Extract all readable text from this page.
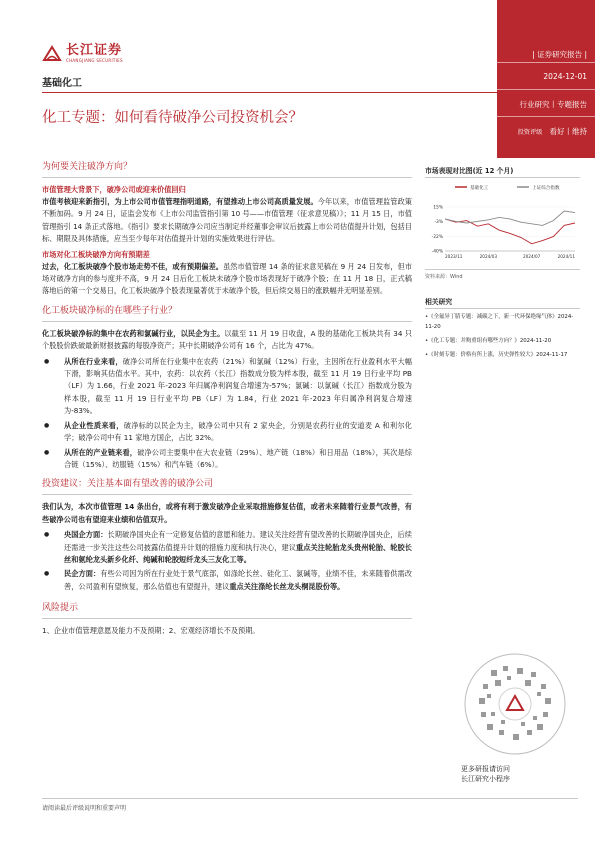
长江证券
CHANGJIANG SECURITIES
| 证券研究报告 |
2024-12-01
行业研究丨专题报告
投资评级 看好丨维持
基础化工
化工专题：如何看待破净公司投资机会？
为何要关注破净方向？
市值管理大背景下，破净公司或迎来价值回归
市值考核迎来新指引，为上市公司市值管理指明道路，有望推动上市公司高质量发展。今年以来，市值管理监管政策不断加码。9 月 24 日，证监会发布《上市公司监管指引第 10 号——市值管理（征求意见稿）》；11 月 15 日，市值管理指引 14 条正式落地。《指引》要求长期破净公司应当制定并经董事会审议后披露上市公司估值提升计划，包括目标、期限及具体措施，应当至少每年对估值提升计划的实施效果进行评估。
市场对化工板块破净方向有预期差
过去，化工板块破净个股市场走势不佳，或有预期偏差。虽然市值管理 14 条的征求意见稿在 9 月 24 日发布，但市场对破净方向的参与度并不高，9 月 24 日后化工板块未破净个股市场表现好于破净个股；在 11 月 18 日，正式稿落地后的第一个交易日，化工板块破净个股表现量著优于未破净个股，但后续交易日的涨跌幅并无明显差别。
化工板块破净标的在哪些子行业？
化工板块破净标的集中在农药和氯碱行业，以民企为主。以截至 11 月 19 日收盘，A 股的基础化工板块共有 34 只个股股价跌破最新财报披露的每股净资产；其中长期破净公司有 16 个，占比为 47%。
● 从所在行业来看，破净公司所在行业集中在农药（21%）和氯碱（12%）行业，主因所在行业盈利水平大幅下滑，影响其估值水平。其中，农药：以农药（长江）指数成分股为样本股，截至 11 月 19 日行业平均 PB（LF）为 1.66，行业 2021 年-2023 年归属净利润复合增速为-57%；氯碱：以氯碱（长江）指数成分股为样本股，截至 11 月 19 日行业平均 PB（LF）为 1.84，行业 2021 年-2023 年归属净利润复合增速为-83%。
● 从企业性质来看，破净标的以民企为主，破净公司中只有 2 家央企，分别是农药行业的安道麦 A 和利尔化学；破净公司中有 11 家地方国企，占比 32%。
● 从所在的产业链来看，破净公司主要集中在大农业链（29%）、地产链（18%）和日用品（18%），其次是综合链（15%）、纺服链（15%）和汽车链（6%）。
投资建议：关注基本面有望改善的破净公司
我们认为，本次市值管理 14 条出台，或将有利于激发破净企业采取措施修复估值，或者未来随着行业景气改善，有些破净公司也有望迎来业绩和估值双升。
● 央国企方面：长期破净国央企有一定修复估值的意愿和能力。建议关注经营有望改善的长期破净国央企，后续还需进一步关注这些公司披露估值提升计划的措施力度和执行决心，建议重点关注轮胎龙头贵州轮胎、轮胶长丝和氨纶龙头新乡化纤、纯碱和轮胶短纤龙头三友化工等。
● 民企方面：有些公司因为所在行业处于景气底部，如涤纶长丝、硅化工、氯碱等，业绩不佳，未来随着供需改善，公司盈利有望恢复，那么估值也有望提升，建议重点关注涤纶长丝龙头桐昆股份等。
风险提示
1、企业市值管理意愿及能力不及预期；2、宏观经济增长不及预期。
市场表现对比图(近 12 个月)
基础化工	上证综合指数
15%
-3%
-22%
-40%
2023/11	2024/03	2024/07	2024/11
资料来源：Wind
相关研究
•《全氟异丁腈专题：减碳之下，新一代环保绝缘气体》2024-11-20
•《化工专题：并购重组有哪些方向？》2024-11-20
•《时刻专题：价格有所上涨，历史弹性较大》2024-11-17
更多研报请访问
长江研究小程序
请阅读最后评级说明和重要声明
